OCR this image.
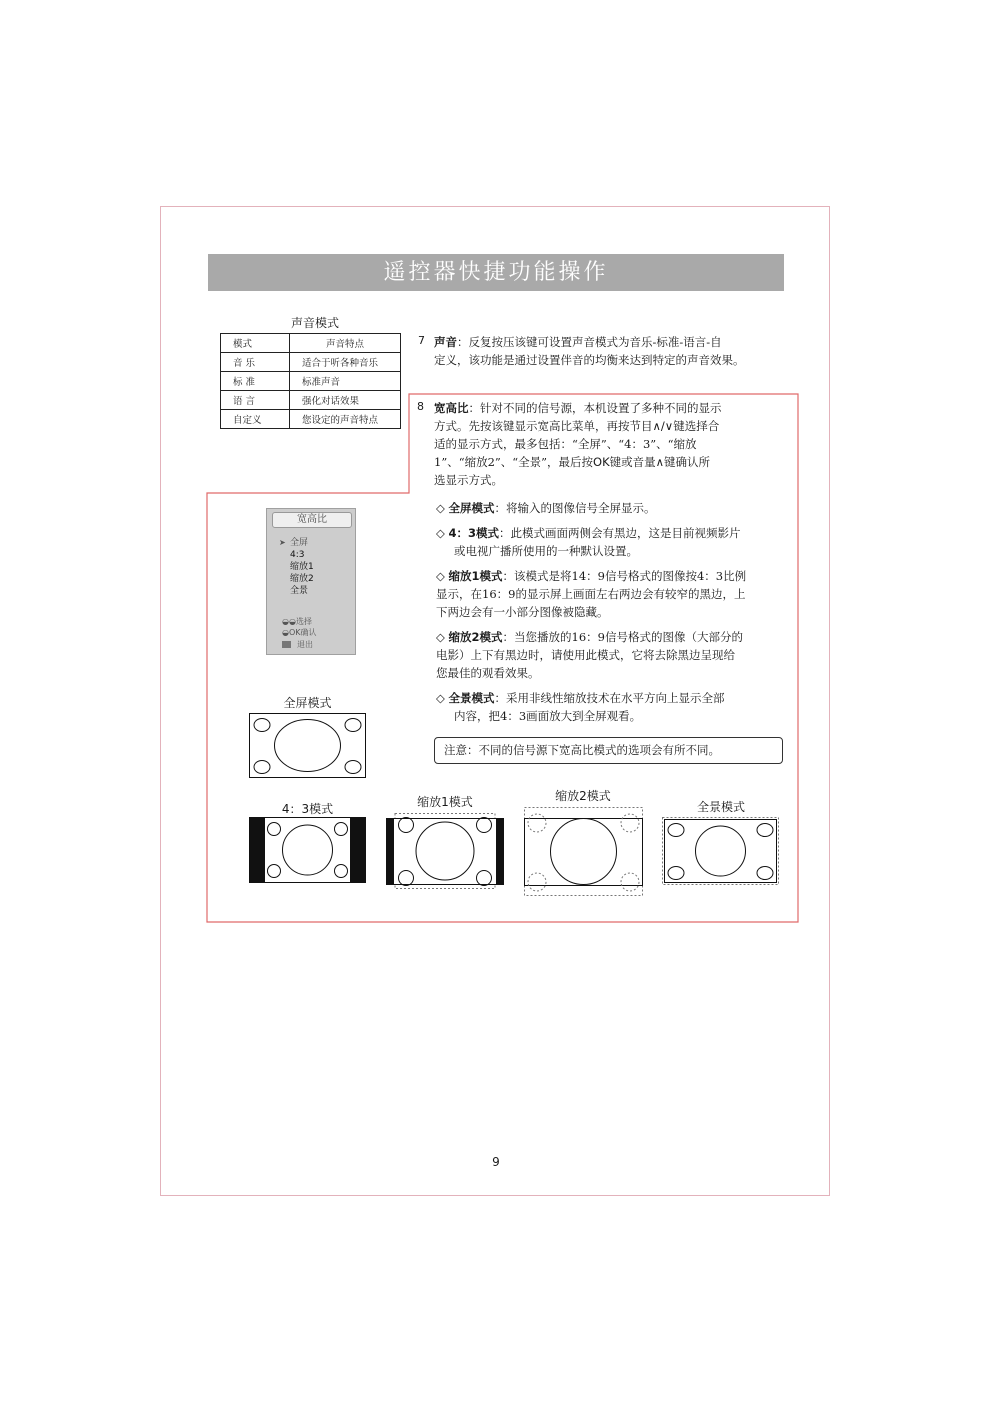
遥控器快捷功能操作
声音模式
模式	声音特点
音 乐	适合于听各种音乐
标 准	标准声音
语 言	强化对话效果
自定义	您设定的声音特点
7 声音：反复按压该键可设置声音模式为音乐-标准-语言-自
定义，该功能是通过设置伴音的均衡来达到特定的声音效果。
8 宽高比：针对不同的信号源，本机设置了多种不同的显示
方式。先按该键显示宽高比菜单，再按节目∧/∨键选择合
适的显示方式，最多包括：“全屏”、“4：3”、“缩放
1”、“缩放2”、“全景”，最后按OK键或音量∧键确认所
选显示方式。
◇ 全屏模式：将输入的图像信号全屏显示。
◇ 4：3模式：此模式画面两侧会有黑边，这是目前视频影片
或电视广播所使用的一种默认设置。
◇ 缩放1模式：该模式是将14：9信号格式的图像按4：3比例
显示，在16：9的显示屏上画面左右两边会有较窄的黑边，上
下两边会有一小部分图像被隐藏。
◇ 缩放2模式：当您播放的16：9信号格式的图像（大部分的
电影）上下有黑边时，请使用此模式，它将去除黑边呈现给
您最佳的观看效果。
◇ 全景模式：采用非线性缩放技术在水平方向上显示全部
内容，把4：3画面放大到全屏观看。
注意：不同的信号源下宽高比模式的选项会有所不同。
宽高比
➤ 全屏
4:3
缩放1
缩放2
全景
◒◒选择
◒OK确认
退出
全屏模式
4：3模式	缩放1模式	缩放2模式
全景模式
9
